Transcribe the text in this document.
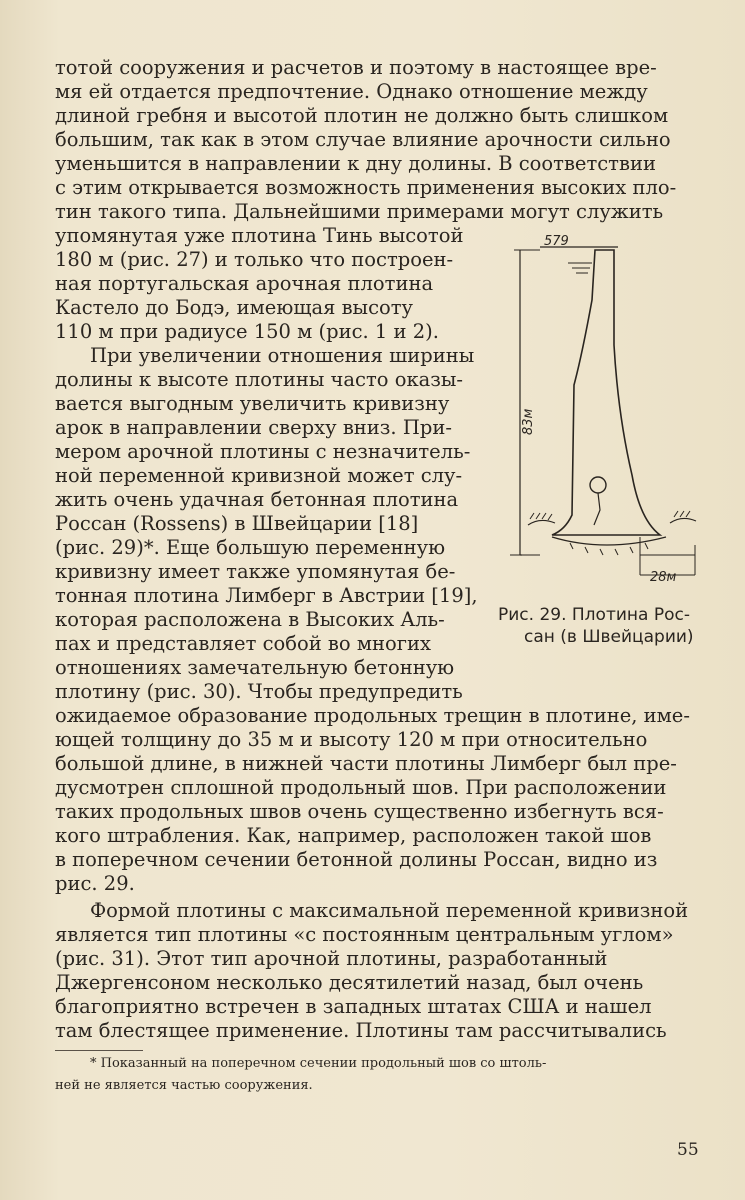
тотой сооружения и расчетов и поэтому в настоящее вре-
мя ей отдается предпочтение. Однако отношение между
длиной гребня и высотой плотин не должно быть слишком
большим, так как в этом случае влияние арочности сильно
уменьшится в направлении к дну долины. В соответствии
с этим открывается возможность применения высоких пло-
тин такого типа. Дальнейшими примерами могут служить
упомянутая уже плотина Тинь высотой
180 м (рис. 27) и только что построен-
ная португальская арочная плотина
Кастело до Бодэ, имеющая высоту
110 м при радиусе 150 м (рис. 1 и 2).
При увеличении отношения ширины
долины к высоте плотины часто оказы-
вается выгодным увеличить кривизну
арок в направлении сверху вниз. При-
мером арочной плотины с незначитель-
ной переменной кривизной может слу-
жить очень удачная бетонная плотина
Россан (Rossens) в Швейцарии [18]
(рис. 29)*. Еще большую переменную
кривизну имеет также упомянутая бе-
тонная плотина Лимберг в Австрии [19],
которая расположена в Высоких Аль-
пах и представляет собой во многих
отношениях замечательную бетонную
плотину (рис. 30). Чтобы предупредить
ожидаемое образование продольных трещин в плотине, име-
ющей толщину до 35 м и высоту 120 м при относительно
большой длине, в нижней части плотины Лимберг был пре-
дусмотрен сплошной продольный шов. При расположении
таких продольных швов очень существенно избегнуть вся-
кого штрабления. Как, например, расположен такой шов
в поперечном сечении бетонной долины Россан, видно из
рис. 29.
Формой плотины с максимальной переменной кривизной
является тип плотины «с постоянным центральным углом»
(рис. 31). Этот тип арочной плотины, разработанный
Джергенсоном несколько десятилетий назад, был очень
благоприятно встречен в западных штатах США и нашел
там блестящее применение. Плотины там рассчитывались
579
83м
28м
Рис. 29. Плотина Рос-
сан (в Швейцарии)
* Показанный на поперечном сечении продольный шов со штоль-
ней не является частью сооружения.
55
